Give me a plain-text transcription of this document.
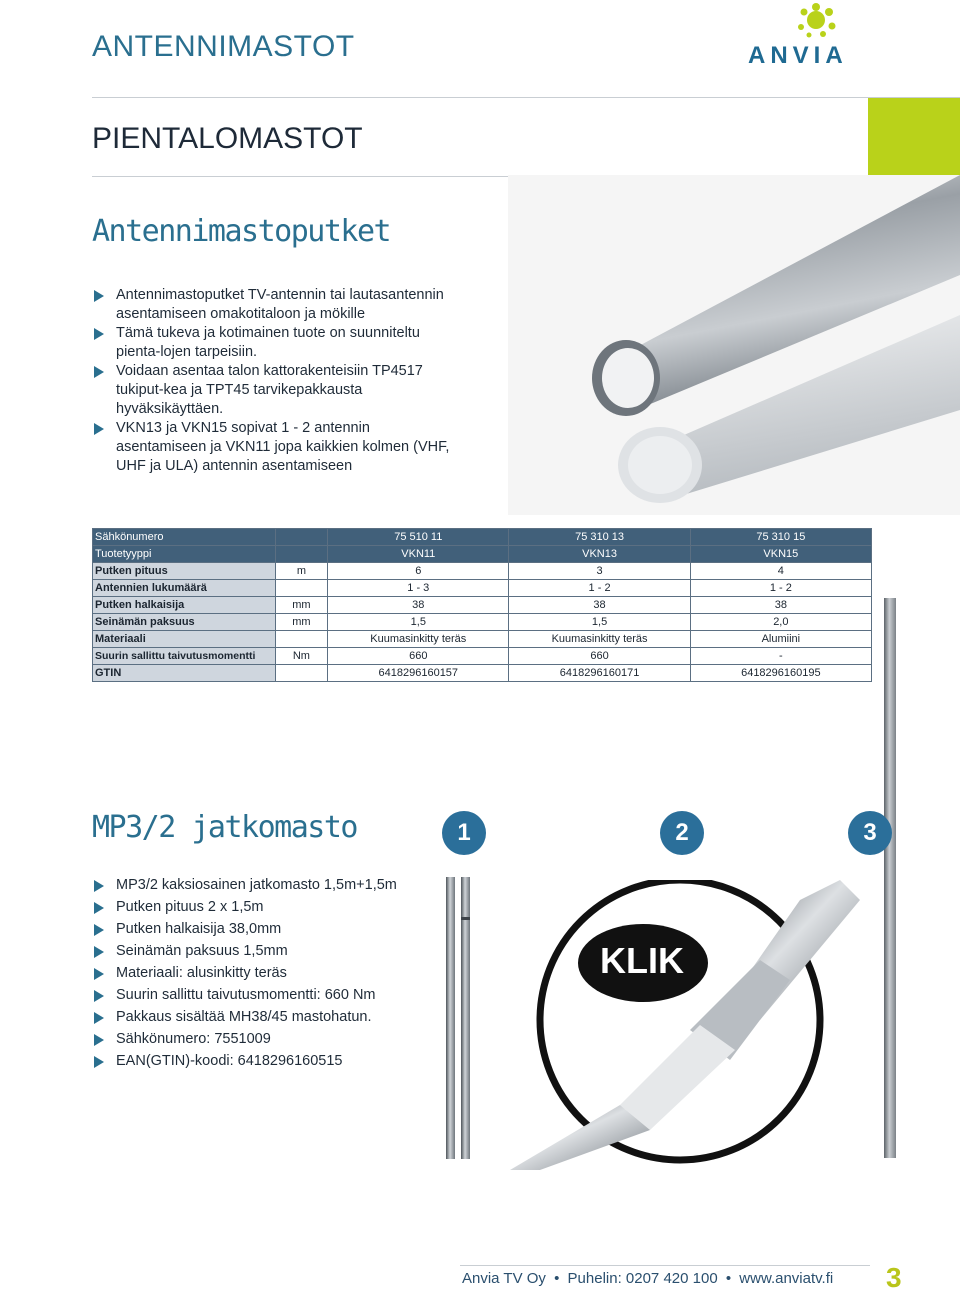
ANTENNIMASTOT	ANVIA
PIENTALOMASTOT
Antennimastoputket
Antennimastoputket TV-antennin tai lautasantennin asentamiseen omakotitaloon ja mökille
Tämä tukeva ja kotimainen tuote on suunniteltu pienta-lojen tarpeisiin.
Voidaan asentaa talon kattorakenteisiin TP4517 tukiput-kea ja TPT45 tarvikepakkausta hyväksikäyttäen.
VKN13 ja VKN15 sopivat 1 - 2 antennin asentamiseen ja VKN11 jopa kaikkien kolmen (VHF, UHF ja ULA) antennin asentamiseen
Sähkönumero		75 510 11	75 310 13	75 310 15
Tuotetyyppi		VKN11	VKN13	VKN15
Putken pituus	m	6	3	4
Antennien lukumäärä		1 - 3	1 - 2	1 - 2
Putken halkaisija	mm	38	38	38
Seinämän paksuus	mm	1,5	1,5	2,0
Materiaali		Kuumasinkitty teräs	Kuumasinkitty teräs	Alumiini
Suurin sallittu taivutusmomentti	Nm	660	660	-
GTIN		6418296160157	6418296160171	6418296160195
MP3/2 jatkomasto	1	2	3
MP3/2 kaksiosainen jatkomasto 1,5m+1,5m
Putken pituus 2 x 1,5m
Putken halkaisija 38,0mm
Seinämän paksuus 1,5mm
Materiaali: alusinkitty teräs
Suurin sallittu taivutusmomentti: 660 Nm
Pakkaus sisältää MH38/45 mastohatun.
Sähkönumero: 7551009
EAN(GTIN)-koodi: 6418296160515
KLIK
Anvia TV Oy • Puhelin: 0207 420 100 • www.anviatv.fi 3
